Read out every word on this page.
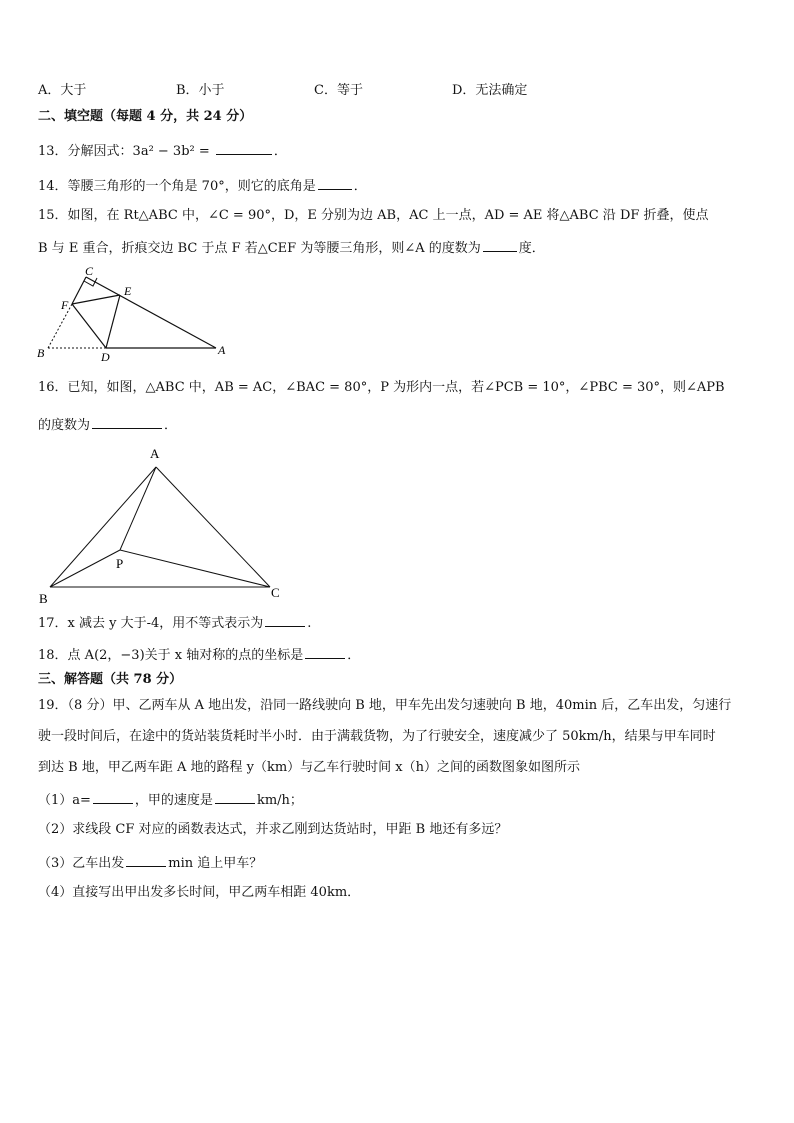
A．大于	B．小于	C．等于	D．无法确定
二、填空题（每题 4 分，共 24 分）
13．分解因式：3a² − 3b² =	．
14．等腰三角形的一个角是 70°，则它的底角是	．
15．如图，在 Rt△ABC 中，∠C = 90°，D，E 分别为边 AB，AC 上一点，AD = AE 将△ABC 沿 DF 折叠，使点
B 与 E 重合，折痕交边 BC 于点 F 若△CEF 为等腰三角形，则∠A 的度数为	度．
C
F
E
B	D	A
16．已知，如图，△ABC 中，AB = AC，∠BAC = 80°，P 为形内一点，若∠PCB = 10°，∠PBC = 30°，则∠APB
的度数为	．
A
P
B	C
17．x 减去 y 大于-4，用不等式表示为	.
18．点 A(2，−3)关于 x 轴对称的点的坐标是	．
三、解答题（共 78 分）
19．（8 分）甲、乙两车从 A 地出发，沿同一路线驶向 B 地，甲车先出发匀速驶向 B 地，40min 后，乙车出发，匀速行
驶一段时间后，在途中的货站装货耗时半小时．由于满载货物，为了行驶安全，速度减少了 50km/h，结果与甲车同时
到达 B 地，甲乙两车距 A 地的路程 y（km）与乙车行驶时间 x（h）之间的函数图象如图所示
（1）a=	，甲的速度是	km/h；
（2）求线段 CF 对应的函数表达式，并求乙刚到达货站时，甲距 B 地还有多远？
（3）乙车出发	min 追上甲车？
（4）直接写出甲出发多长时间，甲乙两车相距 40km．
